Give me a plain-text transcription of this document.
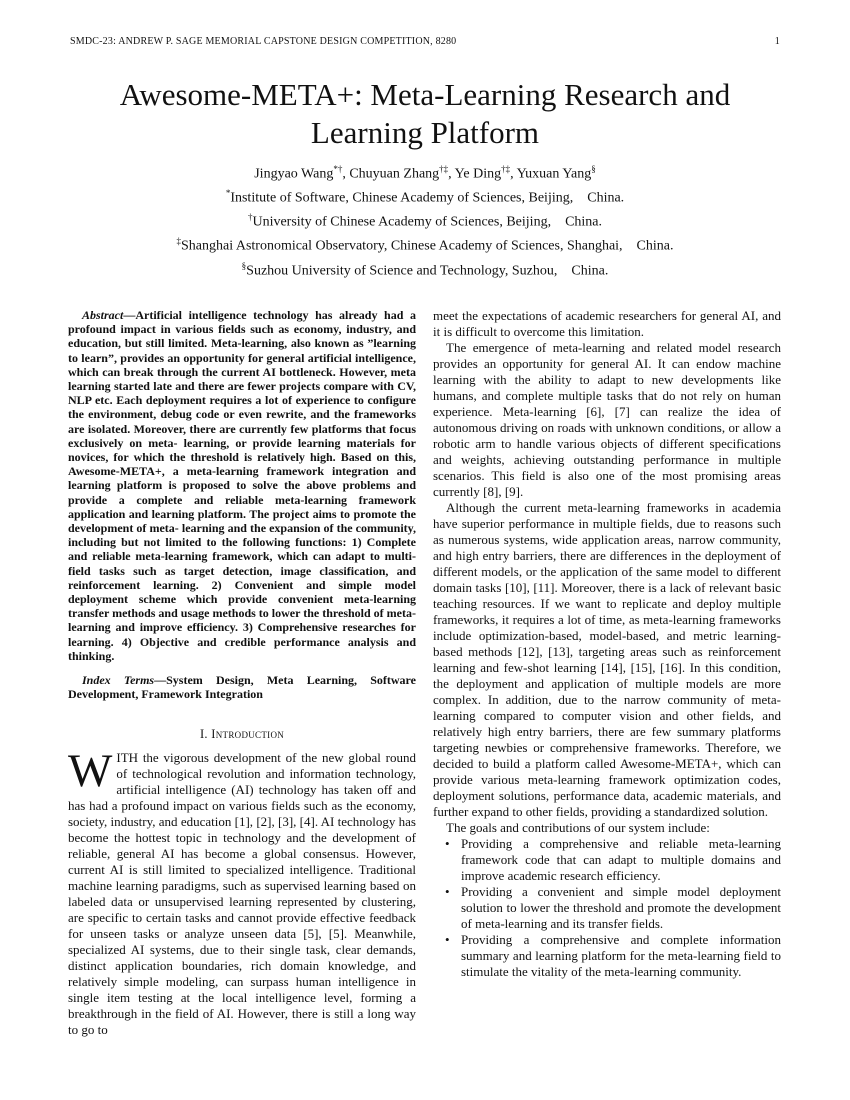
SMDC-23: ANDREW P. SAGE MEMORIAL CAPSTONE DESIGN COMPETITION, 8280	1
Awesome-META+: Meta-Learning Research and Learning Platform
Jingyao Wang*†, Chuyuan Zhang†‡, Ye Ding†‡, Yuxuan Yang§
*Institute of Software, Chinese Academy of Sciences, Beijing,    China.
†University of Chinese Academy of Sciences, Beijing,    China.
‡Shanghai Astronomical Observatory, Chinese Academy of Sciences, Shanghai,    China.
§Suzhou University of Science and Technology, Suzhou,    China.

Abstract—Artificial intelligence technology has already had a profound impact in various fields such as economy, industry, and education, but still limited. Meta-learning, also known as ”learning to learn”, provides an opportunity for general artificial intelligence, which can break through the current AI bottleneck. However, meta learning started late and there are fewer projects compare with CV, NLP etc. Each deployment requires a lot of experience to configure the environment, debug code or even rewrite, and the frameworks are isolated. Moreover, there are currently few platforms that focus exclusively on meta- learning, or provide learning materials for novices, for which the threshold is relatively high. Based on this, Awesome-META+, a meta-learning framework integration and learning platform is proposed to solve the above problems and provide a complete and reliable meta-learning framework application and learning platform. The project aims to promote the development of meta- learning and the expansion of the community, including but not limited to the following functions: 1) Complete and reliable meta-learning framework, which can adapt to multi-field tasks such as target detection, image classification, and reinforcement learning. 2) Convenient and simple model deployment scheme which provide convenient meta-learning transfer methods and usage methods to lower the threshold of meta-learning and improve efficiency. 3) Comprehensive researches for learning. 4) Objective and credible performance analysis and thinking.

Index Terms—System Design, Meta Learning, Software Development, Framework Integration

I. Introduction

WITH the vigorous development of the new global round of technological revolution and information technology, artificial intelligence (AI) technology has taken off and has had a profound impact on various fields such as the economy, society, industry, and education [1], [2], [3], [4]. AI technology has become the hottest topic in technology and the development of reliable, general AI has become a global consensus. However, current AI is still limited to specialized intelligence. Traditional machine learning paradigms, such as supervised learning based on labeled data or unsupervised learning represented by clustering, are specific to certain tasks and cannot provide effective feedback for unseen tasks or analyze unseen data [5], [5]. Meanwhile, specialized AI systems, due to their single task, clear demands, distinct application boundaries, rich domain knowledge, and relatively simple modeling, can surpass human intelligence in single item testing at the local intelligence level, forming a breakthrough in the field of AI. However, there is still a long way to go to

meet the expectations of academic researchers for general AI, and it is difficult to overcome this limitation.

The emergence of meta-learning and related model research provides an opportunity for general AI. It can endow machine learning with the ability to adapt to new developments like humans, and complete multiple tasks that do not rely on human experience. Meta-learning [6], [7] can realize the idea of autonomous driving on roads with unknown conditions, or allow a robotic arm to handle various objects of different specifications and weights, achieving outstanding performance in multiple scenarios. This field is also one of the most promising areas currently [8], [9].

Although the current meta-learning frameworks in academia have superior performance in multiple fields, due to reasons such as numerous systems, wide application areas, narrow community, and high entry barriers, there are differences in the deployment of different models, or the application of the same model to different domain tasks [10], [11]. Moreover, there is a lack of relevant basic teaching resources. If we want to replicate and deploy multiple frameworks, it requires a lot of time, as meta-learning frameworks include optimization-based, model-based, and metric learning-based methods [12], [13], targeting areas such as reinforcement learning and few-shot learning [14], [15], [16]. In this condition, the deployment and application of multiple models are more complex. In addition, due to the narrow community of meta-learning compared to computer vision and other fields, and relatively high entry barriers, there are few summary platforms targeting newbies or comprehensive frameworks. Therefore, we decided to build a platform called Awesome-META+, which can provide various meta-learning framework optimization codes, deployment solutions, performance data, academic materials, and further expand to other fields, providing a standardized solution.

The goals and contributions of our system include:

• Providing a comprehensive and reliable meta-learning framework code that can adapt to multiple domains and improve academic research efficiency.
• Providing a convenient and simple model deployment solution to lower the threshold and promote the development of meta-learning and its transfer fields.
• Providing a comprehensive and complete information summary and learning platform for the meta-learning field to stimulate the vitality of the meta-learning community.
